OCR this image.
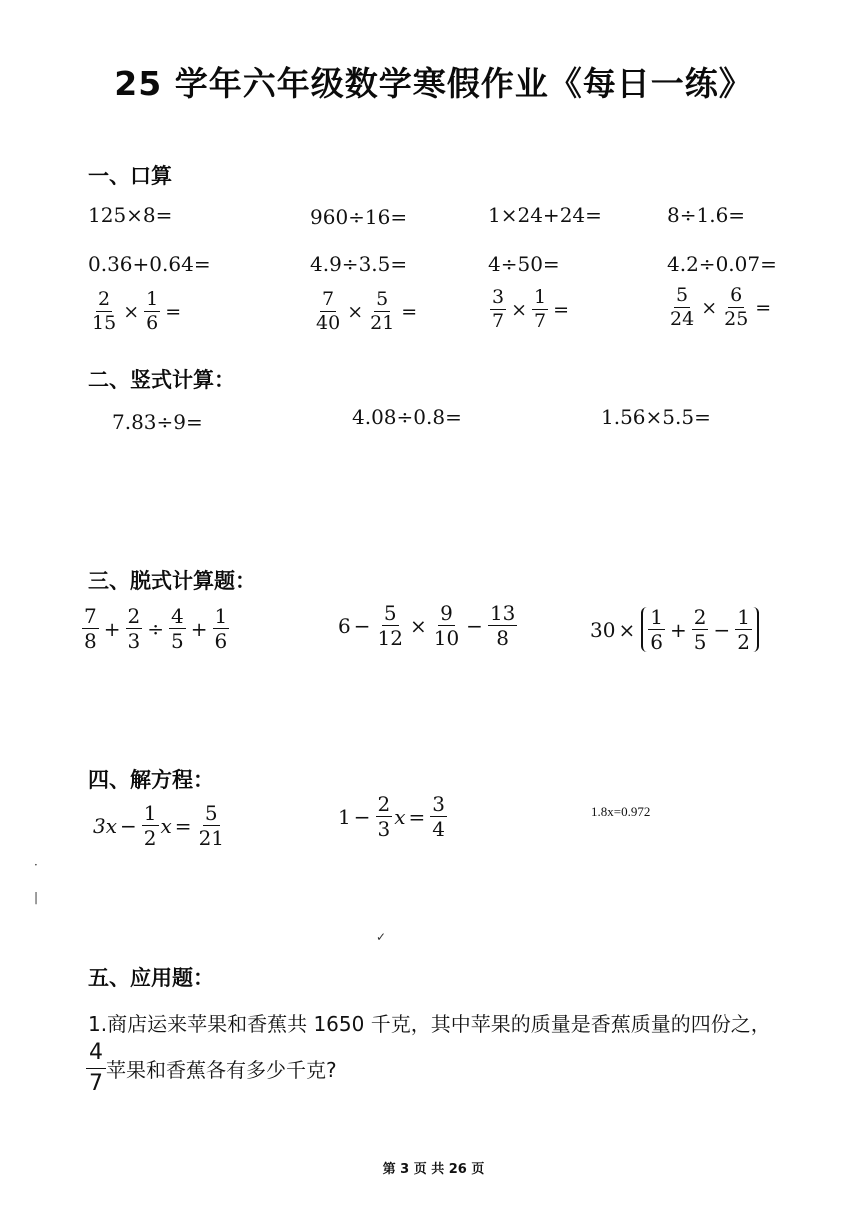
25 学年六年级数学寒假作业《每日一练》
一、口算
125×8=	960÷16=	1×24+24=	8÷1.6=
0.36+0.64=	4.9÷3.5=	4÷50=	4.2÷0.07=
$\frac{2}{15} \times \frac{1}{6}$ =	$\frac{7}{40} \times \frac{5}{21}$ =	$\frac{3}{7} \times \frac{1}{7}$ =	$\frac{5}{24} \times \frac{6}{25}$ =
二、竖式计算：
7.83÷9=	4.08÷0.8=	1.56×5.5=
三、脱式计算题：
$\frac{7}{8} + \frac{2}{3} \div \frac{4}{5} + \frac{1}{6}$	$6 - \frac{5}{12} \times \frac{9}{10} - \frac{13}{8}$	$30 \times \frac{1}{6} + \frac{2}{5} - \frac{1}{2}$
四、解方程：
$3x - \frac{1}{2}$ $x = \frac{5}{21}$	$1 - \frac{2}{3}$ $x = \frac{3}{4}$	1.8x=0.972
·
|
✓
五、应用题：
1.商店运来苹果和香蕉共 1650 千克，其中苹果的质量是香蕉质量的四份之，
$\frac{4}{7}$ 苹果和香蕉各有多少千克?
第 3 页 共 26 页
